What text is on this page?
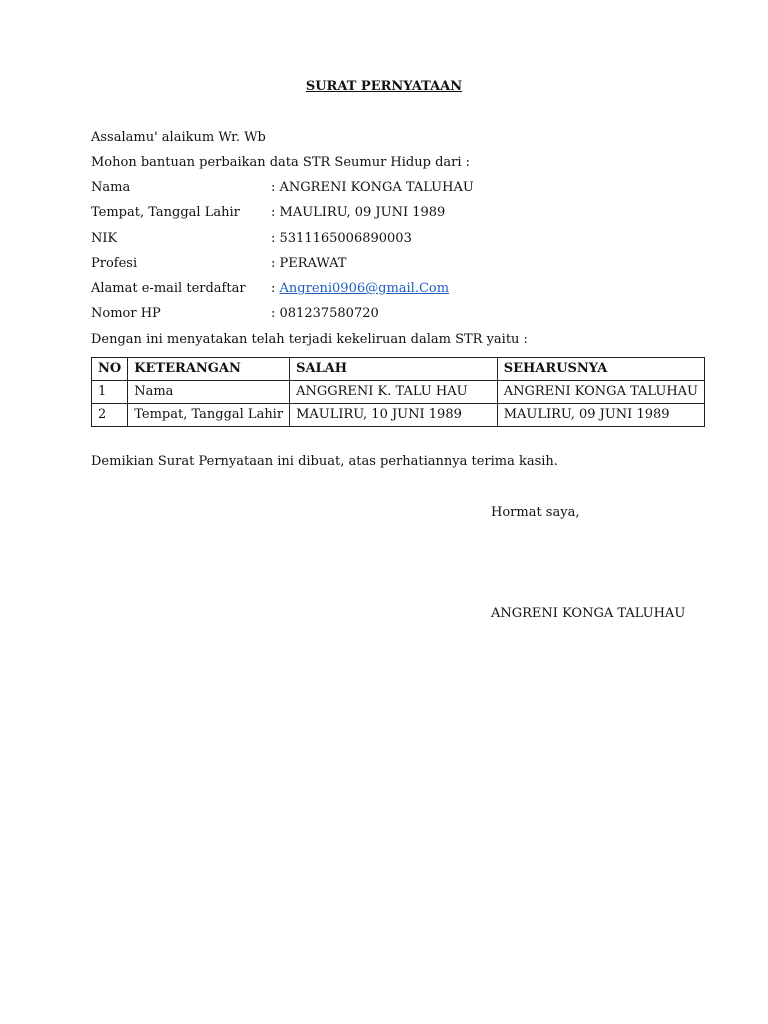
SURAT PERNYATAAN
Assalamu' alaikum Wr. Wb
Mohon bantuan perbaikan data STR Seumur Hidup dari :
Nama	: ANGRENI KONGA TALUHAU
Tempat, Tanggal Lahir : MAULIRU, 09 JUNI 1989
NIK	: 5311165006890003
Profesi	: PERAWAT
Alamat e-mail terdaftar : Angreni0906@gmail.Com
Nomor HP	: 081237580720
Dengan ini menyatakan telah terjadi kekeliruan dalam STR yaitu :
NO	KETERANGAN	SALAH	SEHARUSNYA
1	Nama	ANGGRENI K. TALU HAU	ANGRENI KONGA TALUHAU
2	Tempat, Tanggal Lahir	MAULIRU, 10 JUNI 1989	MAULIRU, 09 JUNI 1989
Demikian Surat Pernyataan ini dibuat, atas perhatiannya terima kasih.
Hormat saya,
ANGRENI KONGA TALUHAU
